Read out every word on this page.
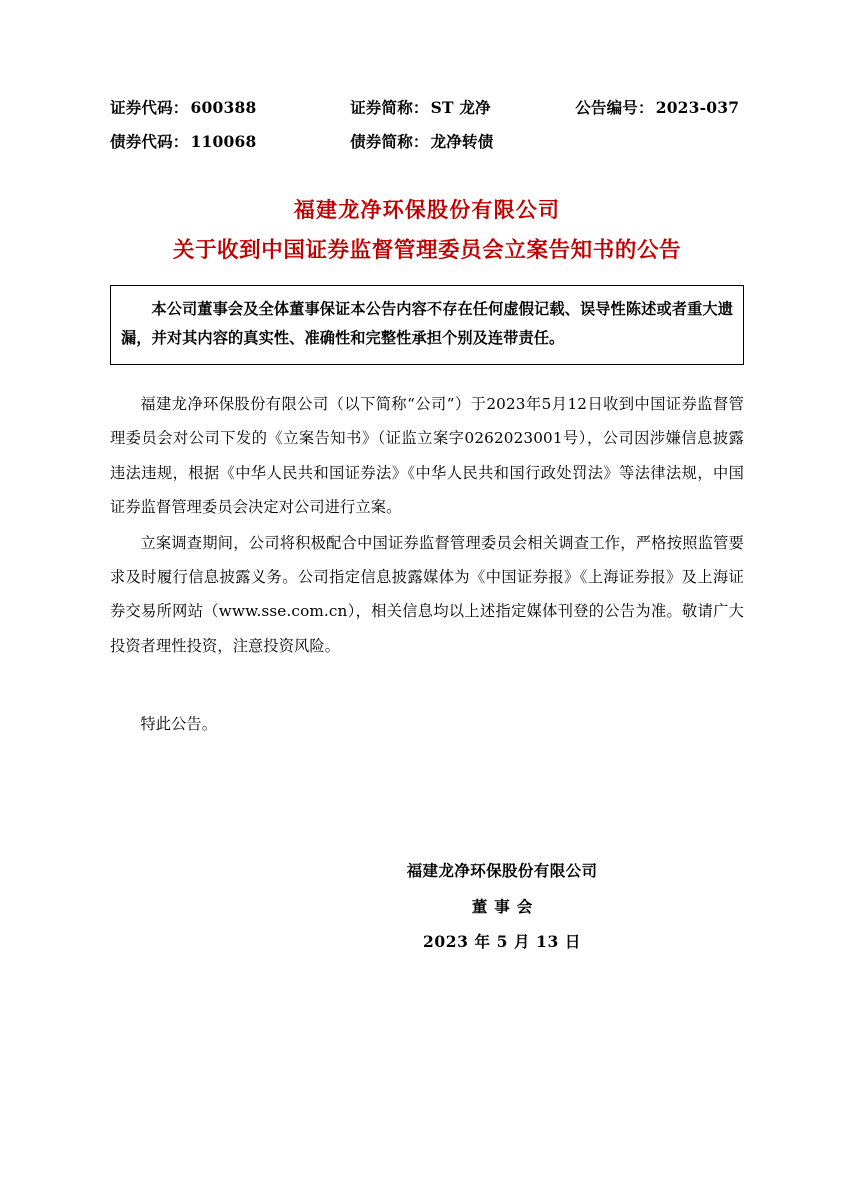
证券代码： 600388	证券简称： ST 龙净	公告编号： 2023-037
债券代码： 110068	债券简称： 龙净转债
福建龙净环保股份有限公司
关于收到中国证券监督管理委员会立案告知书的公告

本公司董事会及全体董事保证本公告内容不存在任何虚假记载、误导性陈述或者重大遗漏，并对其内容的真实性、准确性和完整性承担个别及连带责任。

福建龙净环保股份有限公司（以下简称“公司”）于2023年5月12日收到中国证券监督管理委员会对公司下发的《立案告知书》（证监立案字0262023001号），公司因涉嫌信息披露违法违规，根据《中华人民共和国证券法》《中华人民共和国行政处罚法》等法律法规，中国证券监督管理委员会决定对公司进行立案。

立案调查期间，公司将积极配合中国证券监督管理委员会相关调查工作，严格按照监管要求及时履行信息披露义务。公司指定信息披露媒体为《中国证券报》《上海证券报》及上海证券交易所网站（www.sse.com.cn），相关信息均以上述指定媒体刊登的公告为准。敬请广大投资者理性投资，注意投资风险。

特此公告。

福建龙净环保股份有限公司
董事会
2023 年 5 月 13 日
